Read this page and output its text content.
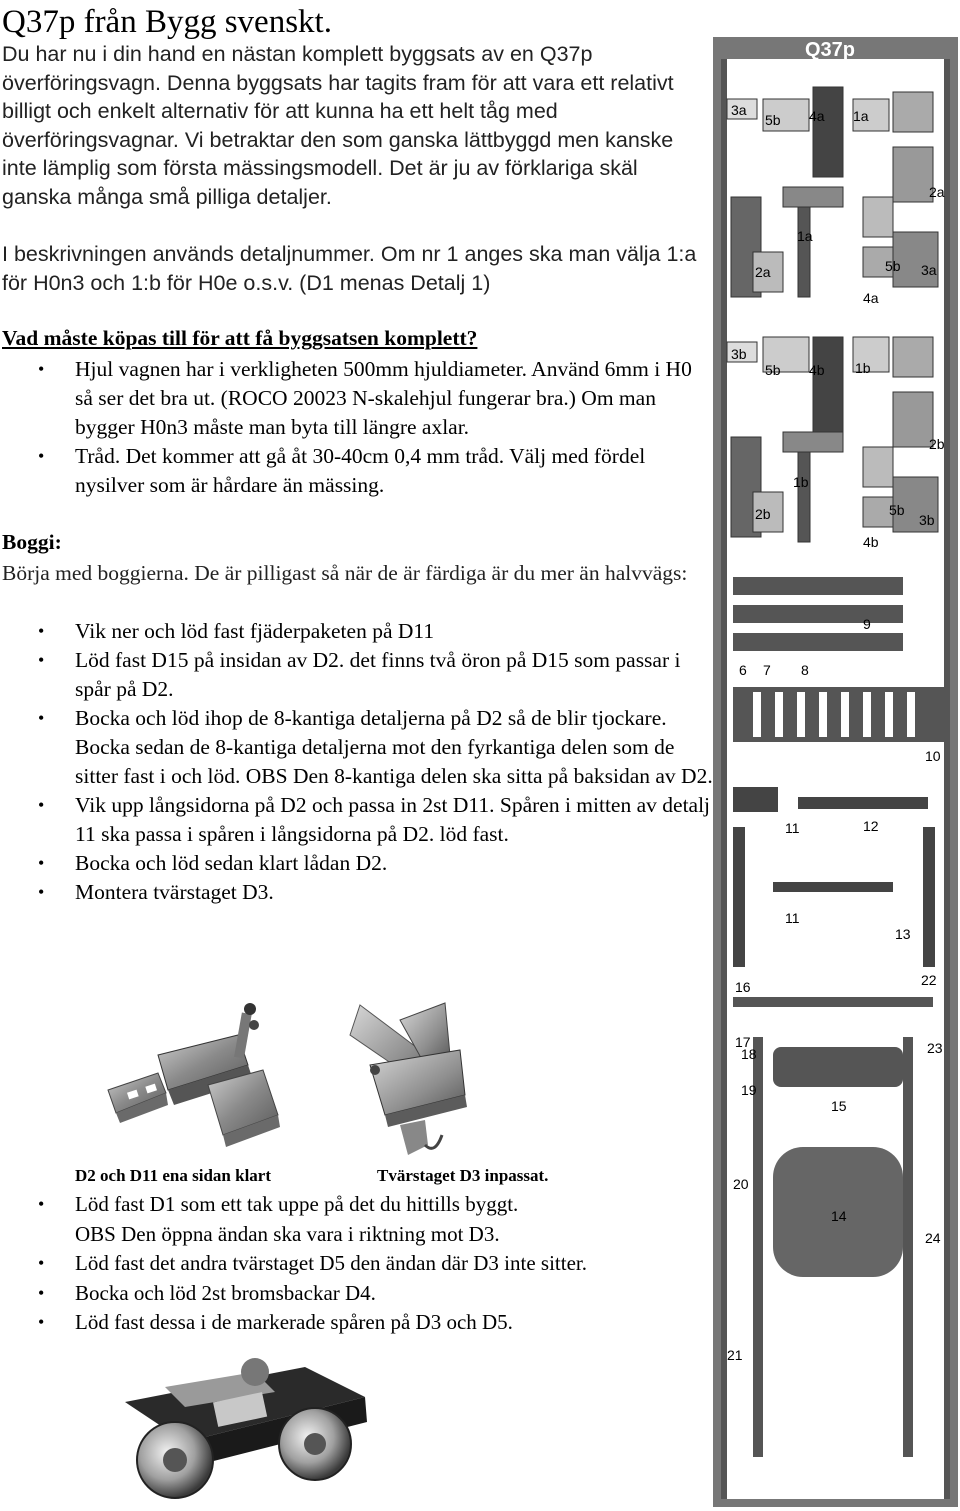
Q37p från Bygg svenskt.
Du har nu i din hand en nästan komplett byggsats av en Q37p överföringsvagn. Denna byggsats har tagits fram för att vara ett relativt billigt och enkelt alternativ för att kunna ha ett helt tåg med överföringsvagnar. Vi betraktar den som ganska lättbyggd men kanske inte lämplig som första mässingsmodell. Det är ju av förklariga skäl ganska många små pilliga detaljer.
I beskrivningen används detaljnummer. Om nr 1 anges ska man välja 1:a för H0n3 och 1:b för H0e o.s.v. (D1 menas Detalj 1)
Vad måste köpas till för att få byggsatsen komplett?
• Hjul vagnen har i verkligheten 500mm hjuldiameter. Använd 6mm i H0 så ser det bra ut. (ROCO 20023 N-skalehjul fungerar bra.) Om man bygger H0n3 måste man byta till längre axlar.
• Tråd. Det kommer att gå åt 30-40cm 0,4 mm tråd. Välj med fördel nysilver som är hårdare än mässing.
Boggi:
Börja med boggierna. De är pilligast så när de är färdiga är du mer än halvvägs:
• Vik ner och löd fast fjäderpaketen på D11
• Löd fast D15 på insidan av D2. det finns två öron på D15 som passar i spår på D2.
• Bocka och löd ihop de 8-kantiga detaljerna på D2 så de blir tjockare. Bocka sedan de 8-kantiga detaljerna mot den fyrkantiga delen som de sitter fast i och löd. OBS Den 8-kantiga delen ska sitta på baksidan av D2.
• Vik upp långsidorna på D2 och passa in 2st D11. Spåren i mitten av detalj 11 ska passa i spåren i långsidorna på D2. löd fast.
• Bocka och löd sedan klart lådan D2.
• Montera tvärstaget D3.
D2 och D11 ena sidan klart	Tvärstaget D3 inpassat.
• Löd fast D1 som ett tak uppe på det du hittills byggt.
OBS Den öppna ändan ska vara i riktning mot D3.
• Löd fast det andra tvärstaget D5 den ändan där D3 inte sitter.
• Bocka och löd 2st bromsbackar D4.
• Löd fast dessa i de markerade spåren på D3 och D5.
Q37p
3a
5b 4a 1a
2a
1a
2a	5b 3a
4a
3b
5b 4b 1b
2b
1b
2b	5b
3b
4b
9
6 7 8
10
11	12
11
13
16	22
17
18	23
19
15
20
14
24
21
